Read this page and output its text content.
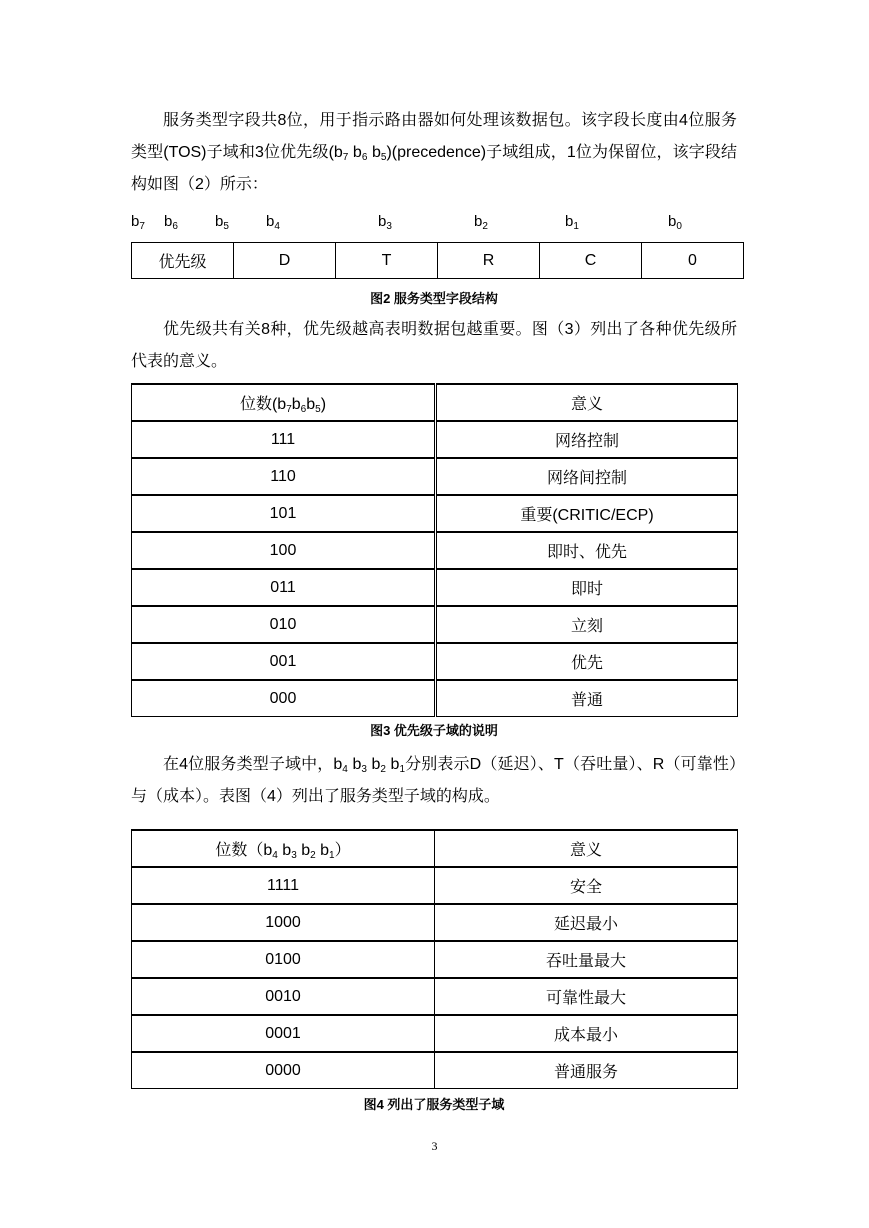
服务类型字段共8位，用于指示路由器如何处理该数据包。该字段长度由4位服务类型(TOS)子域和3位优先级($b_7$ $b_6$ $b_5)(precedence)$子域组成，1位为保留位，该字段结构如图（2）所示：

$b_7$ $b_6$ $b_5$ $b_4$	$b_3$	$b_2$	$b_1$	$b_0$
优先级	D	T	R	C	0

图2 服务类型字段结构

优先级共有关8种，优先级越高表明数据包越重要。图（3）列出了各种优先级所代表的意义。

位数$(b_7b_6b_5)$	意义
111	网络控制
110	网络间控制
101	重要(CRITIC/ECP)
100	即时、优先
011	即时
010	立刻
001	优先
000	普通

图3 优先级子域的说明

在4位服务类型子域中，$b_4$ $b_3$ $b_2$ $b_1$分别表示D（延迟）、T（吞吐量）、R（可靠性）与（成本）。表图（4）列出了服务类型子域的构成。

位数（$b_4$ $b_3$ $b_2$ $b_1$）	意义
1111	安全
1000	延迟最小
0100	吞吐量最大
0010	可靠性最大
0001	成本最小
0000	普通服务

图4 列出了服务类型子域

3
